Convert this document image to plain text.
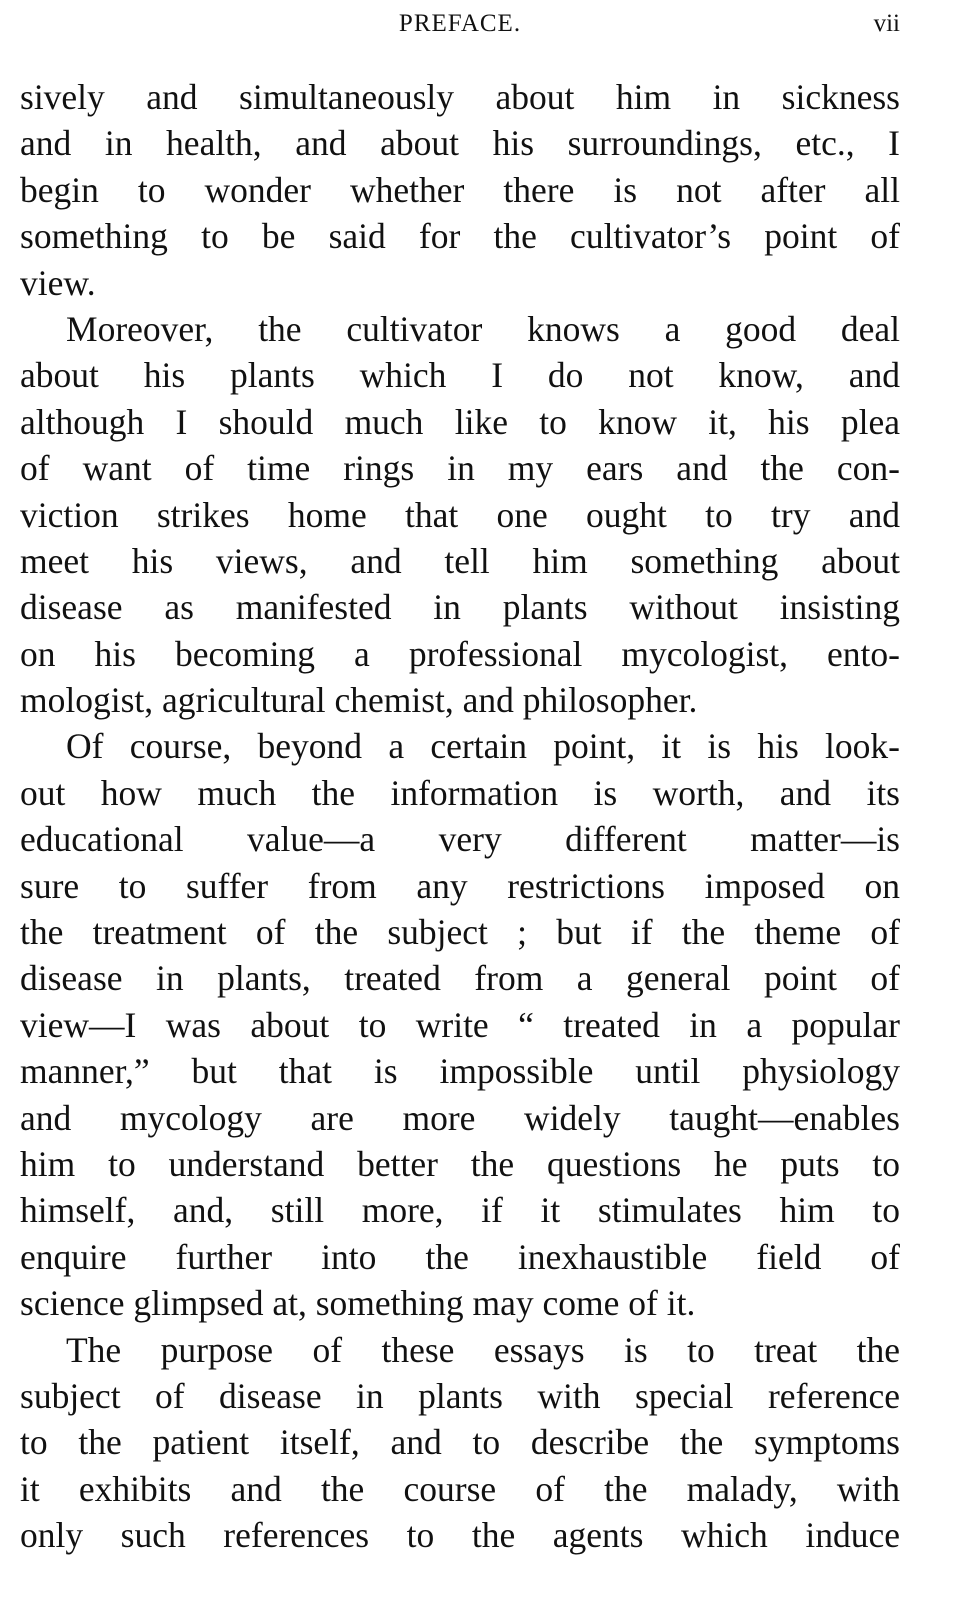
PREFACE.	vii
sively and simultaneously about him in sickness
and in health, and about his surroundings, etc., I
begin to wonder whether there is not after all
something to be said for the cultivator’s point of
view.
Moreover, the cultivator knows a good deal
about his plants which I do not know, and
although I should much like to know it, his plea
of want of time rings in my ears and the con-
viction strikes home that one ought to try and
meet his views, and tell him something about
disease as manifested in plants without insisting
on his becoming a professional mycologist, ento-
mologist, agricultural chemist, and philosopher.
Of course, beyond a certain point, it is his look-
out how much the information is worth, and its
educational value—a very different matter—is
sure to suffer from any restrictions imposed on
the treatment of the subject ; but if the theme of
disease in plants, treated from a general point of
view—I was about to write “ treated in a popular
manner,” but that is impossible until physiology
and mycology are more widely taught—enables
him to understand better the questions he puts to
himself, and, still more, if it stimulates him to
enquire further into the inexhaustible field of
science glimpsed at, something may come of it.
The purpose of these essays is to treat the
subject of disease in plants with special reference
to the patient itself, and to describe the symptoms
it exhibits and the course of the malady, with
only such references to the agents which induce
